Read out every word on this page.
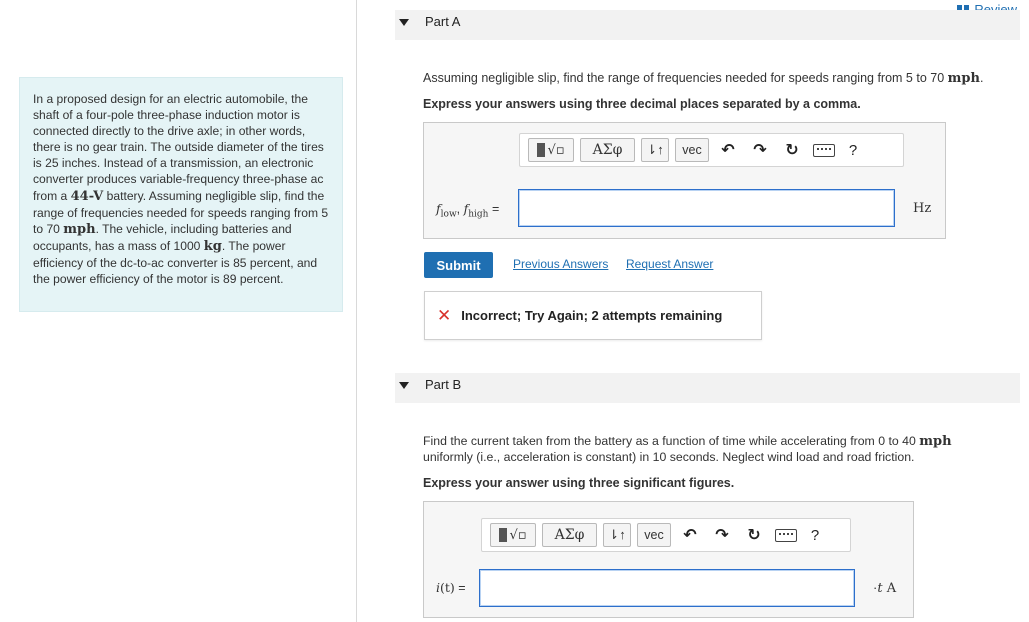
In a proposed design for an electric automobile, the shaft of a four-pole three-phase induction motor is connected directly to the drive axle; in other words, there is no gear train. The outside diameter of the tires is 25 inches. Instead of a transmission, an electronic converter produces variable-frequency three-phase ac from a 44-V battery. Assuming negligible slip, find the range of frequencies needed for speeds ranging from 5 to 70 mph. The vehicle, including batteries and occupants, has a mass of 1000 kg. The power efficiency of the dc-to-ac converter is 85 percent, and the power efficiency of the motor is 89 percent.
Part A
Assuming negligible slip, find the range of frequencies needed for speeds ranging from 5 to 70 mph.
Express your answers using three decimal places separated by a comma.
√▫	ΑΣφ	⇂↑	vec	↶	↷	↻	?
$f_{low}$, $f_{high}$ =	Hz
Submit	Previous Answers Request Answer
✕ Incorrect; Try Again; 2 attempts remaining
Part B
Find the current taken from the battery as a function of time while accelerating from 0 to 40 mph
uniformly (i.e., acceleration is constant) in 10 seconds. Neglect wind load and road friction.
Express your answer using three significant figures.
√▫	ΑΣφ	⇂↑	vec	↶	↷	↻	?
i(t) =	·t A
